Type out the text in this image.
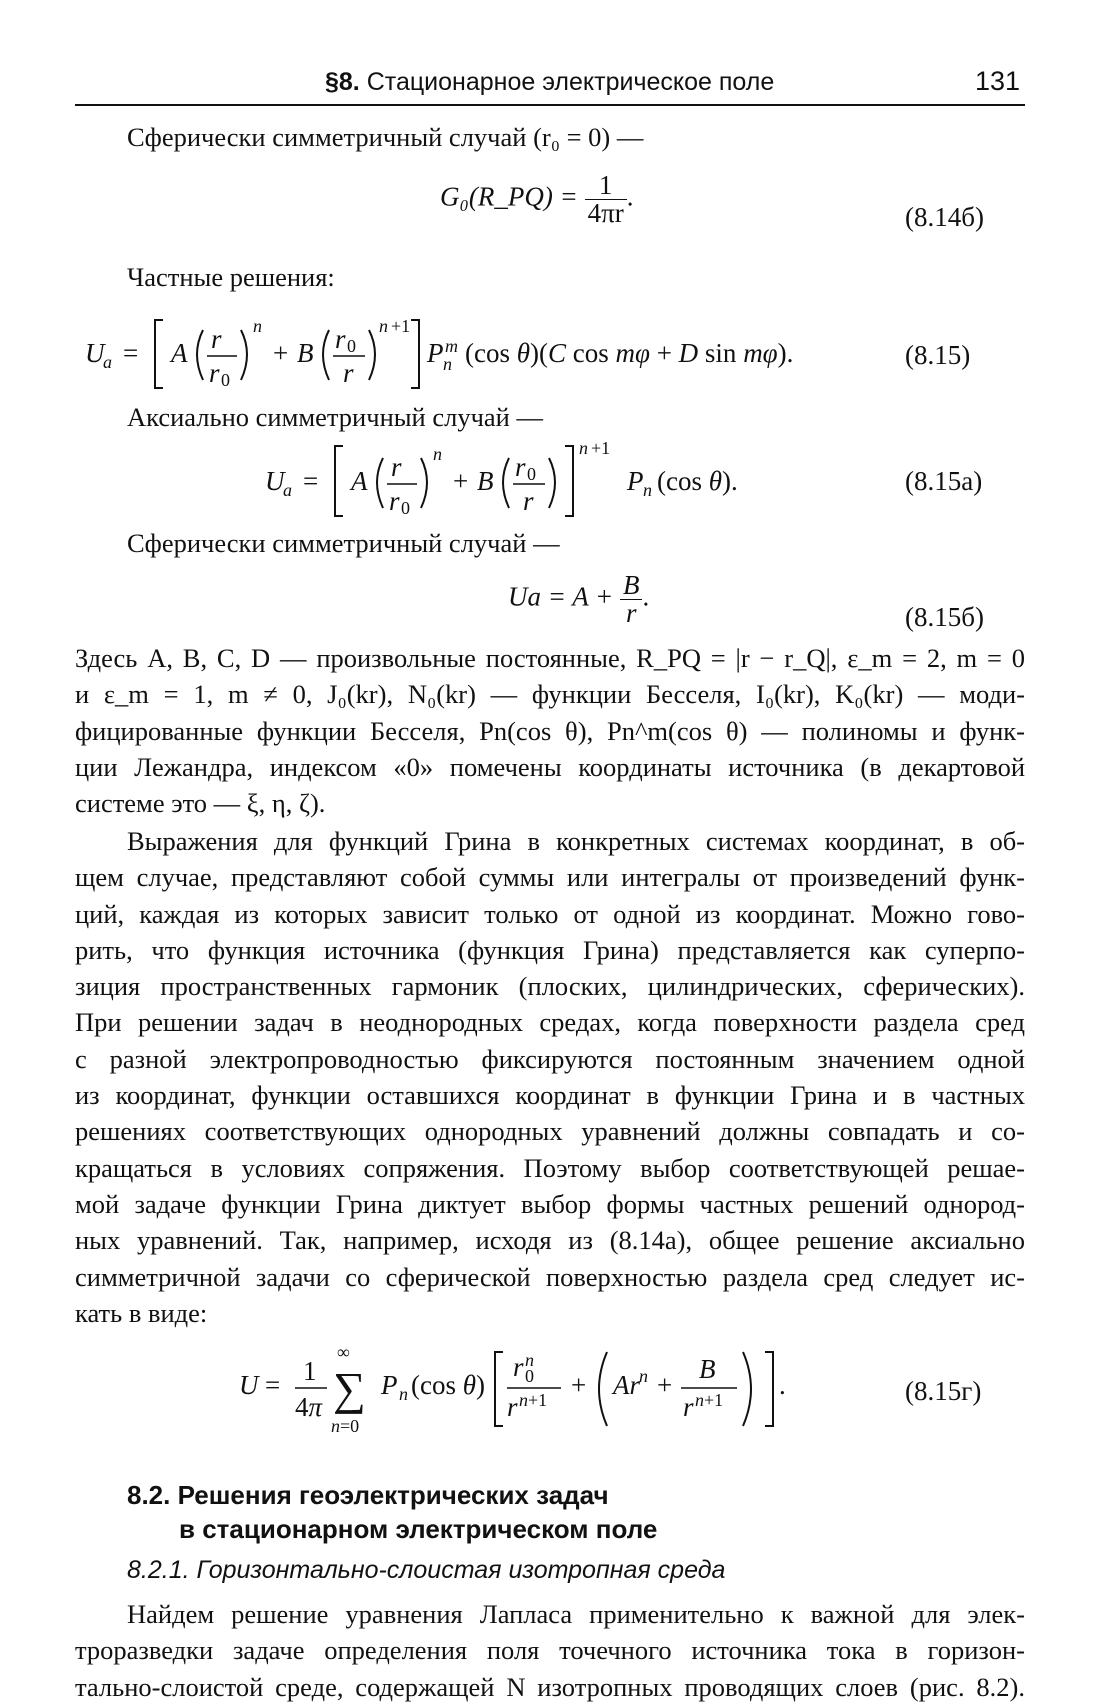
§8. Стационарное электрическое поле	131
Сферически симметричный случай (r₀ = 0) —
G₀(R_PQ) = $\frac{1}{4\pi r}$ .
(8.14б)
Частные решения:
U
a = A r
r 0
n
+ B r 0
r
n +1
P m
n (cos θ)(C cos mφ + D sin mφ).	(8.15)
Аксиально симметричный случай —
U
a = A r
r 0
n
+ B r 0
r
n +1
P n (cos θ).	(8.15а)
Сферически симметричный случай —
$Ua = A + \frac{B}{r}$ .
(8.15б)
Здесь A, B, C, D — произвольные постоянные, R_PQ = |r − r_Q|, ε_m = 2, m = 0
и ε_m = 1, m ≠ 0, J₀(kr), N₀(kr) — функции Бесселя, I₀(kr), K₀(kr) — моди-
фицированные функции Бесселя, Pn(cos θ), Pn^m(cos θ) — полиномы и функ-
ции Лежандра, индексом «0» помечены координаты источника (в декартовой
системе это — ξ, η, ζ).
Выражения для функций Грина в конкретных системах координат, в об-
щем случае, представляют собой суммы или интегралы от произведений функ-
ций, каждая из которых зависит только от одной из координат. Можно гово-
рить, что функция источника (функция Грина) представляется как суперпо-
зиция пространственных гармоник (плоских, цилиндрических, сферических).
При решении задач в неоднородных средах, когда поверхности раздела сред
с разной электропроводностью фиксируются постоянным значением одной
из координат, функции оставшихся координат в функции Грина и в частных
решениях соответствующих однородных уравнений должны совпадать и со-
кращаться в условиях сопряжения. Поэтому выбор соответствующей решае-
мой задаче функции Грина диктует выбор формы частных решений однород-
ных уравнений. Так, например, исходя из (8.14а), общее решение аксиально
симметричной задачи со сферической поверхностью раздела сред следует ис-
кать в виде:
U = 1
4π
∞
∑
n=0
P n (cos θ)
r n
0
r n+1 + Ar n +
B
r n+1 .	(8.15г)
8.2. Решения геоэлектрических задач
в стационарном электрическом поле
8.2.1. Горизонтально-слоистая изотропная среда
Найдем решение уравнения Лапласа применительно к важной для элек-
троразведки задаче определения поля точечного источника тока в горизон-
тально-слоистой среде, содержащей N изотропных проводящих слоев (рис. 8.2).
